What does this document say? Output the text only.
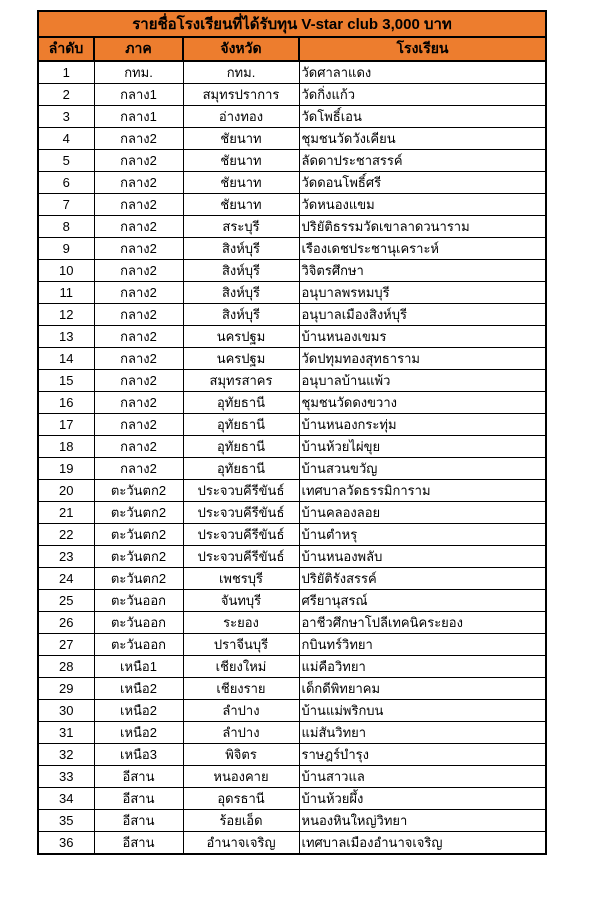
รายชื่อโรงเรียนที่ได้รับทุน V-star club 3,000 บาท			
ลำดับ	ภาค	จังหวัด	โรงเรียน
1	กทม.	กทม.	วัดศาลาแดง
2	กลาง1	สมุทรปราการ	วัดกิ่งแก้ว
3	กลาง1	อ่างทอง	วัดโพธิ์เอน
4	กลาง2	ชัยนาท	ชุมชนวัดวังเคียน
5	กลาง2	ชัยนาท	ลัดดาประชาสรรค์
6	กลาง2	ชัยนาท	วัดดอนโพธิ์ศรี
7	กลาง2	ชัยนาท	วัดหนองแขม
8	กลาง2	สระบุรี	ปริยัติธรรมวัดเขาลาดวนาราม
9	กลาง2	สิงห์บุรี	เรืองเดชประชานุเคราะห์
10	กลาง2	สิงห์บุรี	วิจิตรศึกษา
11	กลาง2	สิงห์บุรี	อนุบาลพรหมบุรี
12	กลาง2	สิงห์บุรี	อนุบาลเมืองสิงห์บุรี
13	กลาง2	นครปฐม	บ้านหนองเขมร
14	กลาง2	นครปฐม	วัดปทุมทองสุทธาราม
15	กลาง2	สมุทรสาคร	อนุบาลบ้านแพ้ว
16	กลาง2	อุทัยธานี	ชุมชนวัดดงขวาง
17	กลาง2	อุทัยธานี	บ้านหนองกระทุ่ม
18	กลาง2	อุทัยธานี	บ้านห้วยไผ่ขุย
19	กลาง2	อุทัยธานี	บ้านสวนขวัญ
20	ตะวันตก2	ประจวบคีรีขันธ์	เทศบาลวัดธรรมิการาม
21	ตะวันตก2	ประจวบคีรีขันธ์	บ้านคลองลอย
22	ตะวันตก2	ประจวบคีรีขันธ์	บ้านตำหรุ
23	ตะวันตก2	ประจวบคีรีขันธ์	บ้านหนองพลับ
24	ตะวันตก2	เพชรบุรี	ปริยัติรังสรรค์
25	ตะวันออก	จันทบุรี	ศรียานุสรณ์
26	ตะวันออก	ระยอง	อาชีวศึกษาโปลีเทคนิคระยอง
27	ตะวันออก	ปราจีนบุรี	กบินทร์วิทยา
28	เหนือ1	เชียงใหม่	แม่คือวิทยา
29	เหนือ2	เชียงราย	เด็กดีพิทยาคม
30	เหนือ2	ลำปาง	บ้านแม่พริกบน
31	เหนือ2	ลำปาง	แม่สันวิทยา
32	เหนือ3	พิจิตร	ราษฎร์บำรุง
33	อีสาน	หนองคาย	บ้านสาวแล
34	อีสาน	อุดรธานี	บ้านห้วยผึ้ง
35	อีสาน	ร้อยเอ็ด	หนองหินใหญ่วิทยา
36	อีสาน	อำนาจเจริญ	เทศบาลเมืองอำนาจเจริญ
